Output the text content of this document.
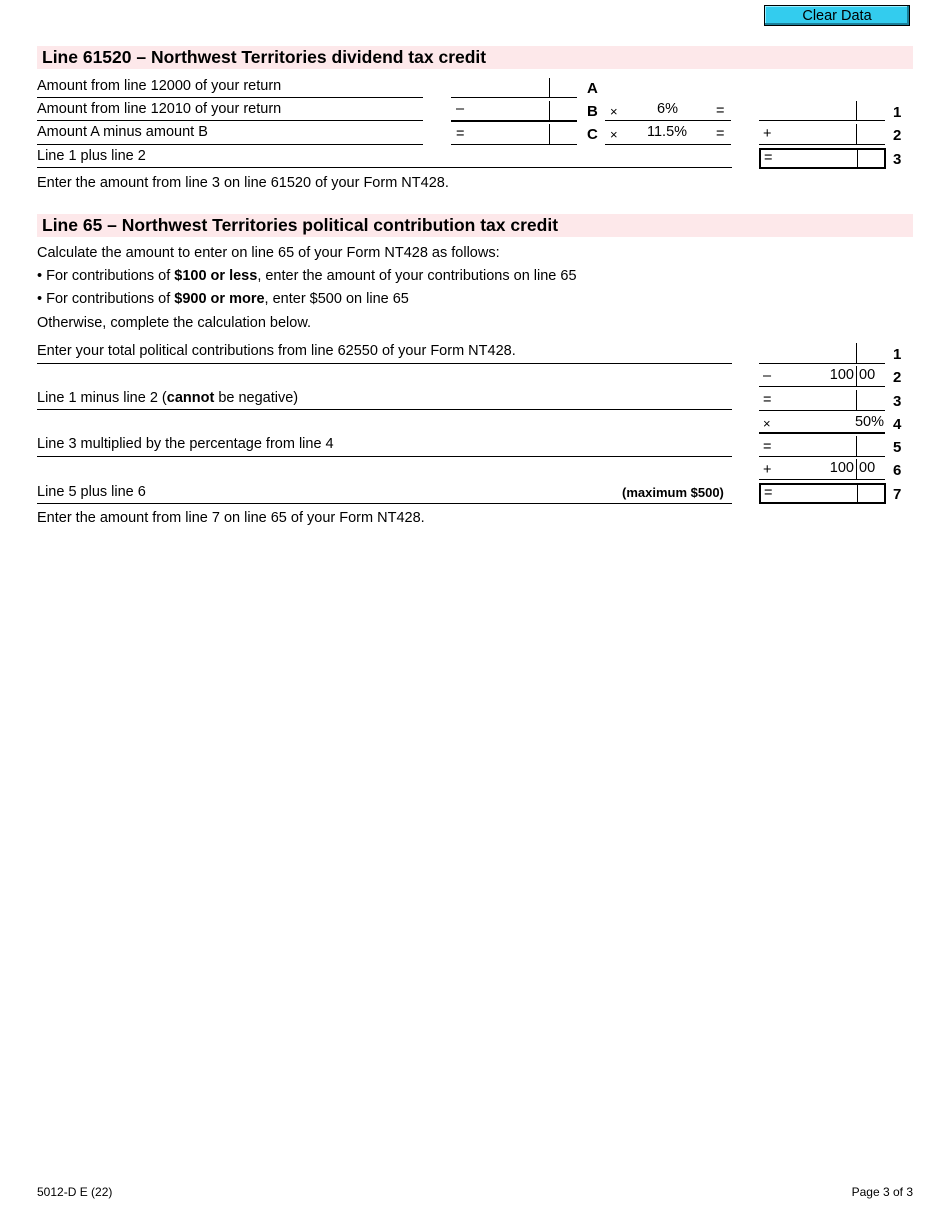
Clear Data
Line 61520 – Northwest Territories dividend tax credit
Amount from line 12000 of your return	A
Amount from line 12010 of your return	–	B ×	6%	=	1
Amount A minus amount B	=	C × 11.5% =	+	2
Line 1 plus line 2	=	3
Enter the amount from line 3 on line 61520 of your Form NT428.
Line 65 – Northwest Territories political contribution tax credit
Calculate the amount to enter on line 65 of your Form NT428 as follows:
• For contributions of $100 or less, enter the amount of your contributions on line 65
• For contributions of $900 or more, enter $500 on line 65
Otherwise, complete the calculation below.
Enter your total political contributions from line 62550 of your Form NT428.	1
–	100 00 2
Line 1 minus line 2 (cannot be negative)	=	3
×	50% 4
Line 3 multiplied by the percentage from line 4	=	5
+	100 00 6
Line 5 plus line 6	(maximum $500)	=	7
Enter the amount from line 7 on line 65 of your Form NT428.
5012-D E (22)	Page 3 of 3
